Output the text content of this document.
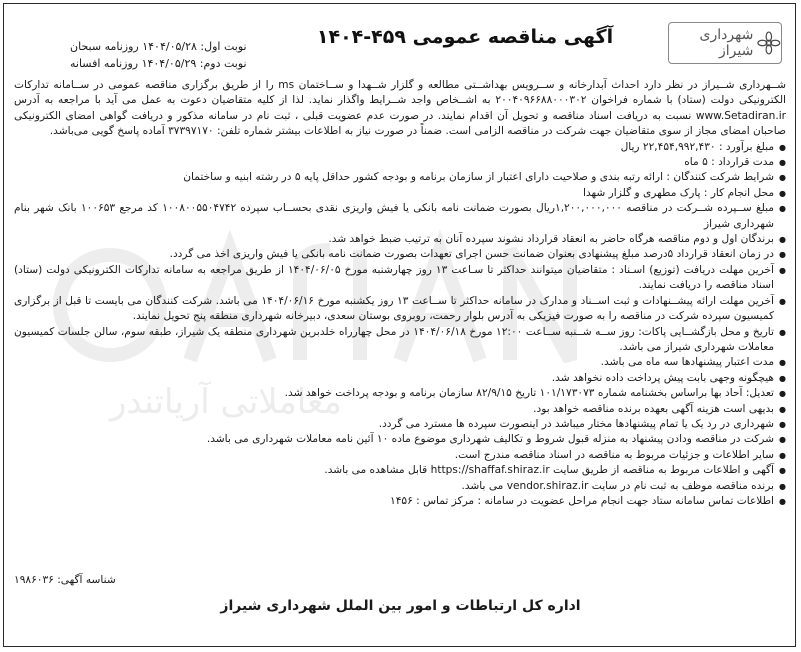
معاملاتی آریاتندر
شهرداری شیراز
آگهی مناقصه عمومی ۴۵۹-۱۴۰۴
نوبت اول: ۱۴۰۴/۰۵/۲۸ روزنامه سبحان
نوبت دوم: ۱۴۰۴/۰۵/۲۹ روزنامه افسانه

شــهرداری شــیراز در نظر دارد احداث آبدارخانه و ســرویس بهداشــتی مطالعه و گلزار شــهدا و ســاختمان ms را از طریق برگزاری مناقصه عمومی در ســامانه تدارکات الکترونیکی دولت (ستاد) با شماره فراخوان ۲۰۰۴۰۹۶۶۸۸۰۰۰۳۰۲ به اشــخاص واجد شــرایط واگذار نماید. لذا از کلیه متقاضیان دعوت به عمل می آید با مراجعه به آدرس www.Setadiran.ir نسبت به دریافت اسناد مناقصه و تحویل آن اقدام نمایند. در صورت عدم عضویت قبلی ، ثبت نام در سامانه مذکور و دریافت گواهی امضای الکترونیکی صاحبان امضای مجاز از سوی متقاضیان جهت شرکت در مناقصه الزامی است. ضمناً در صورت نیاز به اطلاعات بیشتر شماره تلفن: ۳۷۳۹۷۱۷۰ آماده پاسخ گویی می‌باشد.

● مبلغ برآورد : ۲۲,۴۵۴,۹۹۲,۴۳۰ ریال
● مدت قرارداد : ۵ ماه
● شرایط شرکت کنندگان : ارائه رتبه بندی و صلاحیت دارای اعتبار از سازمان برنامه و بودجه کشور حداقل پایه ۵ در رشته ابنیه و ساختمان
● محل انجام کار : پارک مطهری و گلزار شهدا
● مبلغ ســپرده شــرکت در مناقصه ۱,۲۰۰,۰۰۰,۰۰۰ریال بصورت ضمانت نامه بانکی یا فیش واریزی نقدی بحســاب سپرده ۱۰۰۸۰۰۵۵۰۴۷۴۲ کد مرجع ۱۰۰۶۵۳ بانک شهر بنام شهرداری شیراز
● برندگان اول و دوم مناقصه هرگاه حاضر به انعقاد قرارداد نشوند سپرده آنان به ترتیب ضبط خواهد شد.
● در زمان انعقاد قرارداد ۵درصد مبلغ پیشنهادی بعنوان ضمانت حسن اجرای تعهدات بصورت ضمانت نامه بانکی یا فیش واریزی اخذ می گردد.
● آخرین مهلت دریافت (توزیع) اسـناد : متقاضیان میتوانند حداکثر تا سـاعت ۱۳ روز چهارشنبه مورخ ۱۴۰۴/۰۶/۰۵ از طریق مراجعه به سامانه تدارکات الکترونیکی دولت (ستاد) اسناد مناقصه را دریافت نمایند.
● آخرین مهلت ارائه پیشــنهادات و ثبت اســناد و مدارک در سامانه حداکثر تا ســاعت ۱۳ روز یکشنبه مورخ ۱۴۰۴/۰۶/۱۶ می باشد. شرکت کنندگان می بایست تا قبل از برگزاری کمیسیون سپرده شرکت در مناقصه را به صورت فیزیکی به آدرس بلوار رحمت، روبروی بوستان سعدی، دبیرخانه شهرداری منطقه پنج تحویل نمایند.
● تاریخ و محل بازگشــایی پاکات: روز ســه شــنبه ســاعت ۱۲:۰۰ مورخ ۱۴۰۴/۰۶/۱۸ در محل چهارراه خلدبرین شهرداری منطقه یک شیراز، طبقه سوم، سالن جلسات کمیسیون معاملات شهرداری شیراز می باشد.
● مدت اعتبار پیشنهادها سه ماه می باشد.
● هیچگونه وجهی بابت پیش پرداخت داده نخواهد شد.
● تعدیل: آحاد بها براساس بخشنامه شماره ۱۰۱/۱۷۳۰۷۳ تاریخ ۸۲/۹/۱۵ سازمان برنامه و بودجه پرداخت خواهد شد.
● بدیهی است هزینه آگهی بعهده برنده مناقصه خواهد بود.
● شهرداری در رد یک یا تمام پیشنهادها مختار میباشد در اینصورت سپرده ها مسترد می گردد.
● شرکت در مناقصه ودادن پیشنهاد به منزله قبول شروط و تکالیف شهرداری موضوع ماده ۱۰ آئین نامه معاملات شهرداری می باشد.
● سایر اطلاعات و جزئیات مربوط به مناقصه در اسناد مناقصه مندرج است.
● آگهی و اطلاعات مربوط به مناقصه از طریق سایت https://shaffaf.shiraz.ir قابل مشاهده می باشد.
● برنده مناقصه موظف به ثبت نام در سایت vendor.shiraz.ir می باشد.
● اطلاعات تماس سامانه ستاد جهت انجام مراحل عضویت در سامانه : مرکز تماس : ۱۴۵۶
شناسه آگهی: ۱۹۸۶۰۳۶
اداره کل ارتباطات و امور بین الملل شهرداری شیراز
